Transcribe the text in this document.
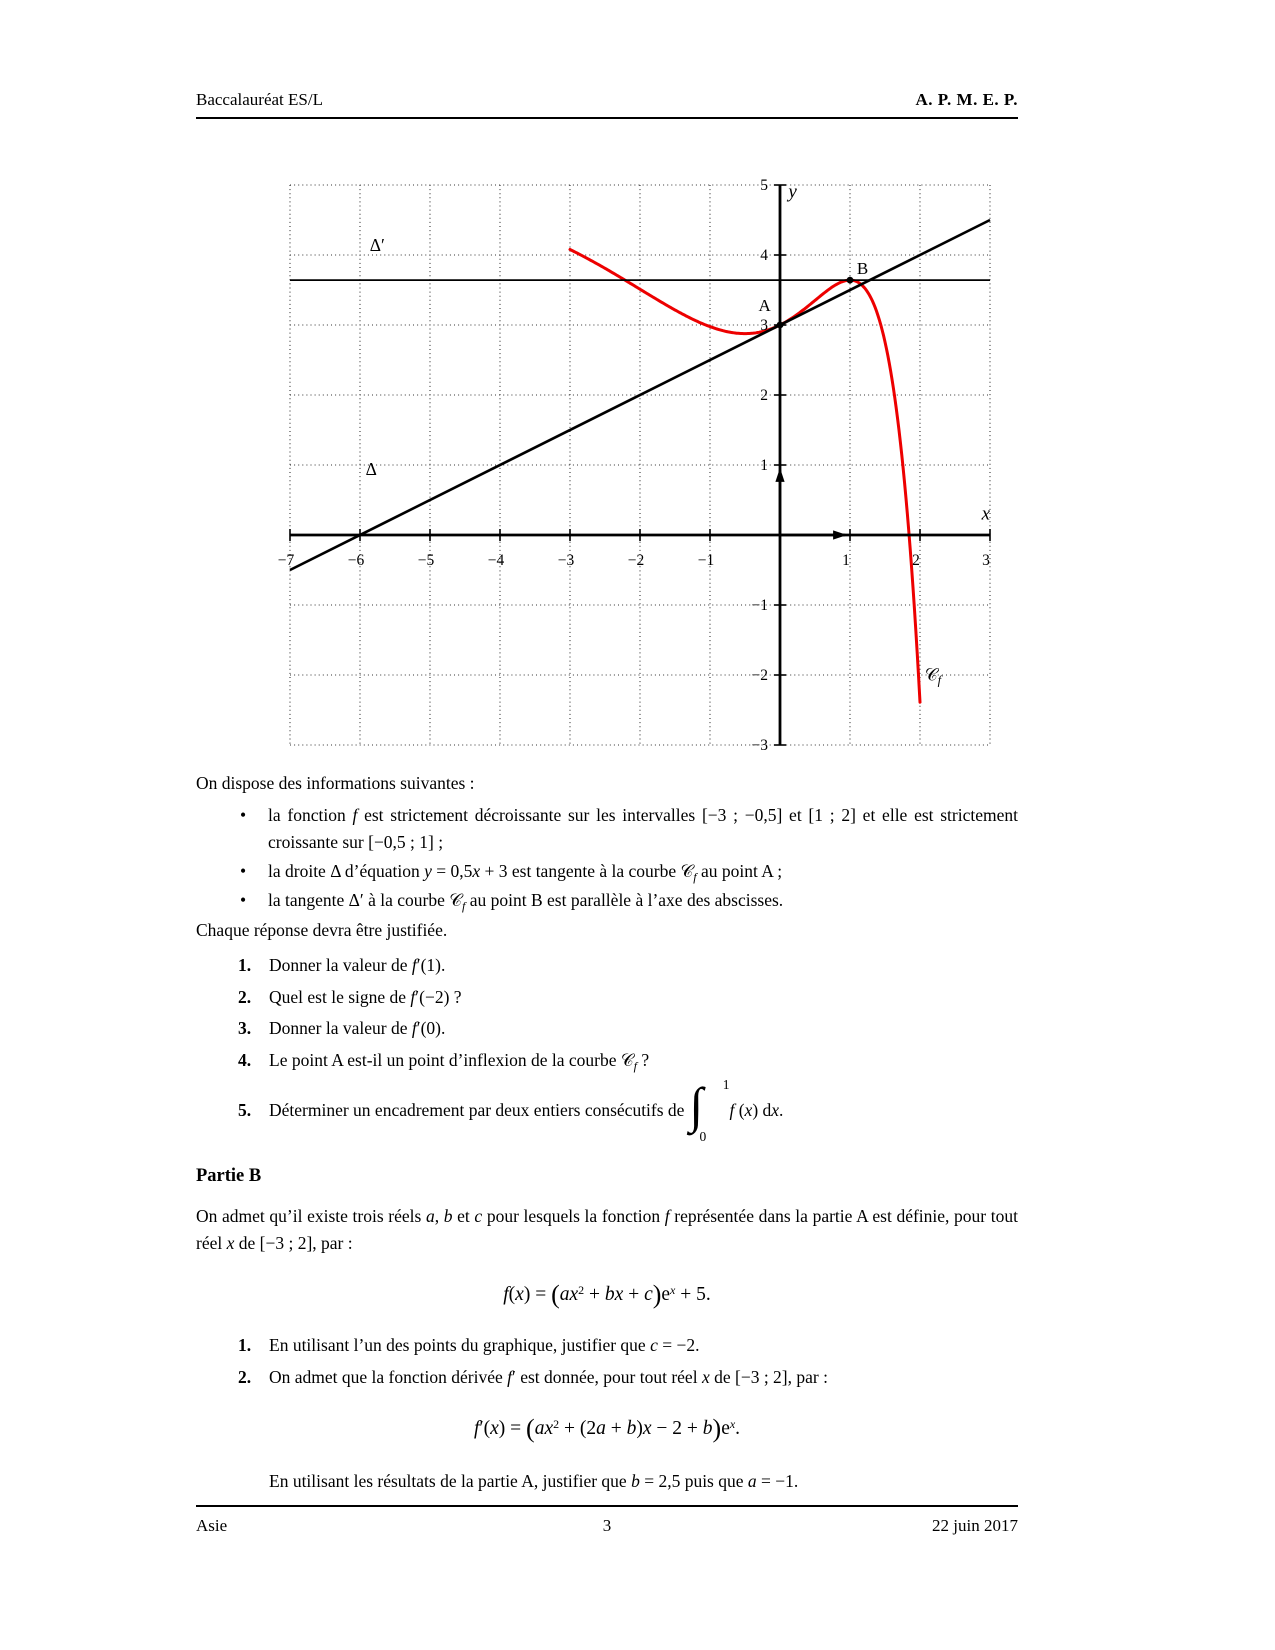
Baccalauréat ES/L	A. P. M. E. P.
−7	−6	−5	−4	−3	−2	−1	1	2	3
5
4
3
2
1
−1
−2
−3
𝒞$_f$
Δ
Δ′
A
B
x
y

On dispose des informations suivantes :

• la fonction f est strictement décroissante sur les intervalles [−3 ; −0,5] et [1 ; 2] et elle est strictement croissante sur [−0,5 ; 1] ;
• la droite Δ d’équation y = 0,5x + 3 est tangente à la courbe 𝒞$_f$ au point A ;
• la tangente Δ′ à la courbe 𝒞$_f$ au point B est parallèle à l’axe des abscisses.

Chaque réponse devra être justifiée.

1. Donner la valeur de f′(1).
2. Quel est le signe de f′(−2) ?
3. Donner la valeur de f′(0).
4. Le point A est-il un point d’inflexion de la courbe 𝒞$_f$ ?
5. Déterminer un encadrement par deux entiers consécutifs de ∫ 1
0
f (x) dx.
Partie B

On admet qu’il existe trois réels a, b et c pour lesquels la fonction f représentée dans la partie A est définie, pour tout réel x de [−3 ; 2], par :

$f(x) = (ax^2$ + bx + $c)e^x + 5$.

1. En utilisant l’un des points du graphique, justifier que c = −2.
2. On admet que la fonction dérivée f′ est donnée, pour tout réel x de [−3 ; 2], par :

$f'(x) = (ax^2 + (2a + b)x - 2 + b)e^x$.

En utilisant les résultats de la partie A, justifier que b = 2,5 puis que a = −1.

Asie	3	22 juin 2017
